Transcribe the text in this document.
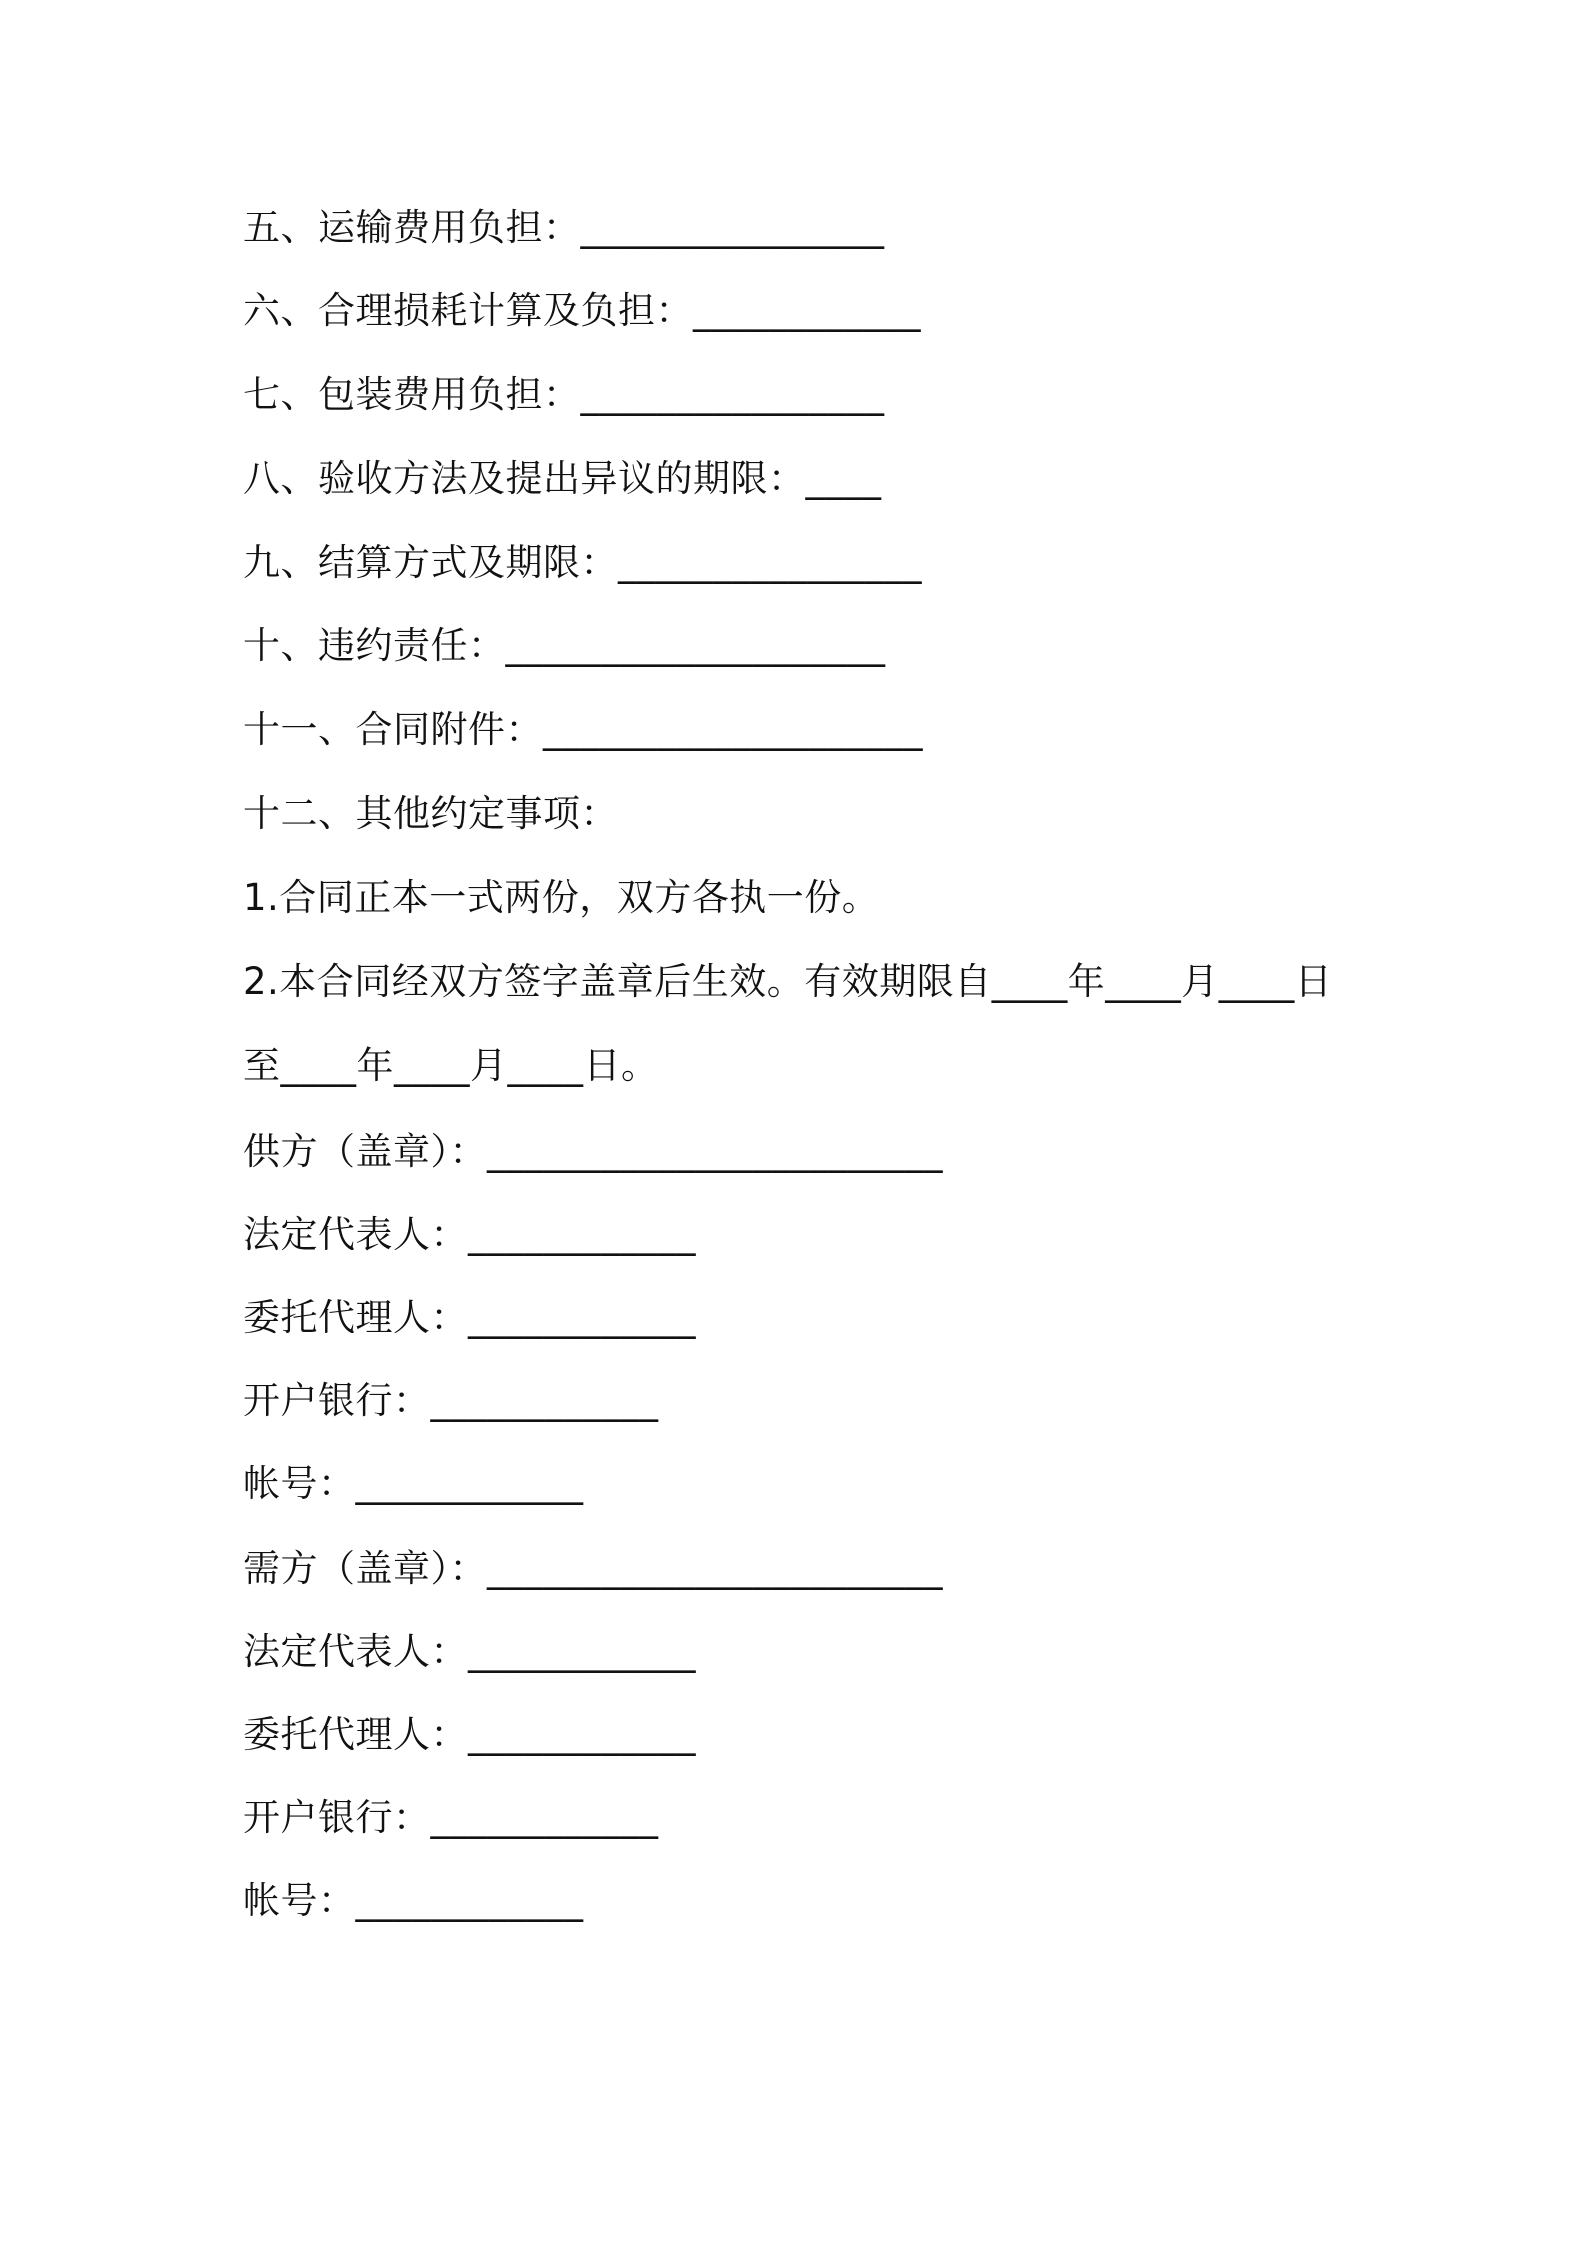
五、运输费用负担：________________
六、合理损耗计算及负担：____________
七、包装费用负担：________________
八、验收方法及提出异议的期限：____
九、结算方式及期限：________________
十、违约责任：____________________
十一、合同附件：____________________
十二、其他约定事项：
1.合同正本一式两份，双方各执一份。
2.本合同经双方签字盖章后生效。有效期限自____年____月____日
至____年____月____日。
供方（盖章）：________________________
法定代表人：____________
委托代理人：____________
开户银行：____________
帐号：____________
需方（盖章）：________________________
法定代表人：____________
委托代理人：____________
开户银行：____________
帐号：____________
